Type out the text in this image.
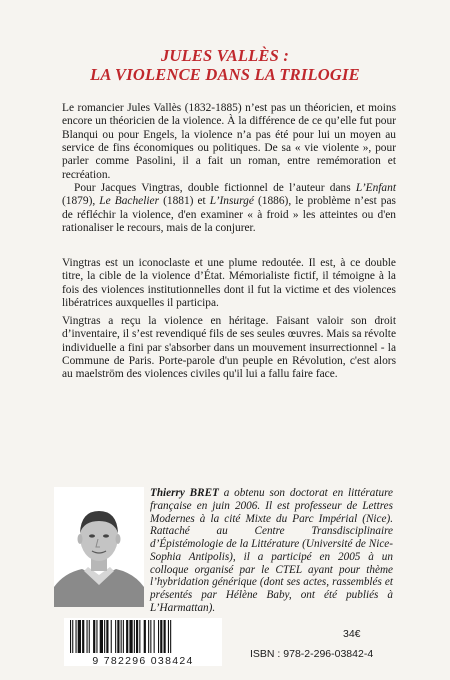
JULES VALLÈS :
LA VIOLENCE DANS LA TRILOGIE

Le romancier Jules Vallès (1832-1885) n’est pas un théoricien, et moins encore un théoricien de la violence. À la différence de ce qu’elle fut pour Blanqui ou pour Engels, la violence n’a pas été pour lui un moyen au service de fins économiques ou politiques. De sa « vie violente », pour parler comme Pasolini, il a fait un roman, entre remémoration et recréation.

Pour Jacques Vingtras, double fictionnel de l’auteur dans L’Enfant (1879), Le Bachelier (1881) et L’Insurgé (1886), le problème n’est pas de réfléchir la violence, d'en examiner « à froid » les atteintes ou d'en rationaliser le recours, mais de la conjurer.

Vingtras est un iconoclaste et une plume redoutée. Il est, à ce double titre, la cible de la violence d’État. Mémorialiste fictif, il témoigne à la fois des violences institutionnelles dont il fut la victime et des violences libératrices auxquelles il participa.

Vingtras a reçu la violence en héritage. Faisant valoir son droit d’inventaire, il s’est revendiqué fils de ses seules œuvres. Mais sa révolte individuelle a fini par s'absorber dans un mouvement insurrectionnel - la Commune de Paris. Porte-parole d'un peuple en Révolution, c'est alors au maelström des violences civiles qu'il lui a fallu faire face.

Thierry BRET a obtenu son doctorat en littérature française en juin 2006. Il est professeur de Lettres Modernes à la cité Mixte du Parc Impérial (Nice). Rattaché au Centre Transdisciplinaire d’Épistémologie de la Littérature (Université de Nice-Sophia Antipolis), il a participé en 2005 à un colloque organisé par le CTEL ayant pour thème l’hybridation générique (dont ses actes, rassemblés et présentés par Hélène Baby, ont été publiés à L’Harmattan).
9 782296 038424
34€
ISBN : 978-2-296-03842-4
